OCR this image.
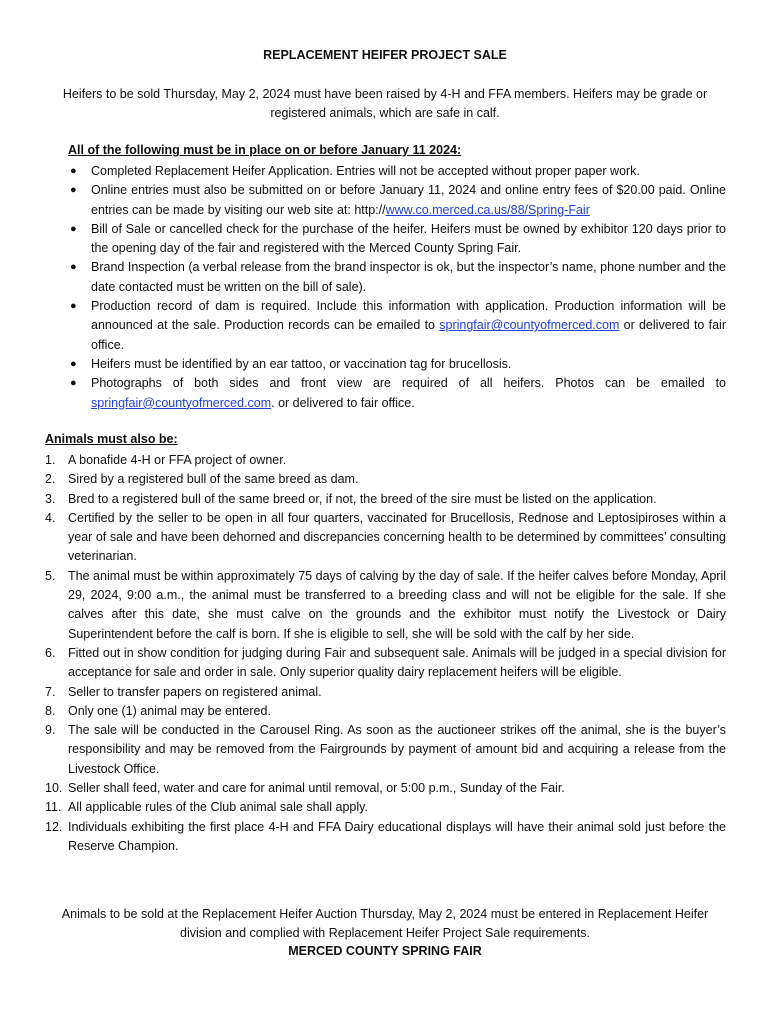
REPLACEMENT HEIFER PROJECT SALE
Heifers to be sold Thursday, May 2, 2024 must have been raised by 4-H and FFA members. Heifers may be grade or registered animals, which are safe in calf.
All of the following must be in place on or before January 11 2024:
● Completed Replacement Heifer Application. Entries will not be accepted without proper paper work.
● Online entries must also be submitted on or before January 11, 2024 and online entry fees of $20.00 paid. Online entries can be made by visiting our web site at: http://www.co.merced.ca.us/88/Spring-Fair
● Bill of Sale or cancelled check for the purchase of the heifer. Heifers must be owned by exhibitor 120 days prior to the opening day of the fair and registered with the Merced County Spring Fair.
● Brand Inspection (a verbal release from the brand inspector is ok, but the inspector’s name, phone number and the date contacted must be written on the bill of sale).
● Production record of dam is required. Include this information with application. Production information will be announced at the sale. Production records can be emailed to springfair@countyofmerced.com or delivered to fair office.
● Heifers must be identified by an ear tattoo, or vaccination tag for brucellosis.
● Photographs of both sides and front view are required of all heifers. Photos can be emailed to springfair@countyofmerced.com. or delivered to fair office.
Animals must also be:
1. A bonafide 4-H or FFA project of owner.
2. Sired by a registered bull of the same breed as dam.
3. Bred to a registered bull of the same breed or, if not, the breed of the sire must be listed on the application.
4. Certified by the seller to be open in all four quarters, vaccinated for Brucellosis, Rednose and Leptosipiroses within a year of sale and have been dehorned and discrepancies concerning health to be determined by committees’ consulting veterinarian.
5. The animal must be within approximately 75 days of calving by the day of sale. If the heifer calves before Monday, April 29, 2024, 9:00 a.m., the animal must be transferred to a breeding class and will not be eligible for the sale. If she calves after this date, she must calve on the grounds and the exhibitor must notify the Livestock or Dairy Superintendent before the calf is born. If she is eligible to sell, she will be sold with the calf by her side.
6. Fitted out in show condition for judging during Fair and subsequent sale. Animals will be judged in a special division for acceptance for sale and order in sale. Only superior quality dairy replacement heifers will be eligible.
7. Seller to transfer papers on registered animal.
8. Only one (1) animal may be entered.
9. The sale will be conducted in the Carousel Ring. As soon as the auctioneer strikes off the animal, she is the buyer’s responsibility and may be removed from the Fairgrounds by payment of amount bid and acquiring a release from the Livestock Office.
10. Seller shall feed, water and care for animal until removal, or 5:00 p.m., Sunday of the Fair.
11. All applicable rules of the Club animal sale shall apply.
12. Individuals exhibiting the first place 4-H and FFA Dairy educational displays will have their animal sold just before the Reserve Champion.
Animals to be sold at the Replacement Heifer Auction Thursday, May 2, 2024 must be entered in Replacement Heifer division and complied with Replacement Heifer Project Sale requirements.
MERCED COUNTY SPRING FAIR
